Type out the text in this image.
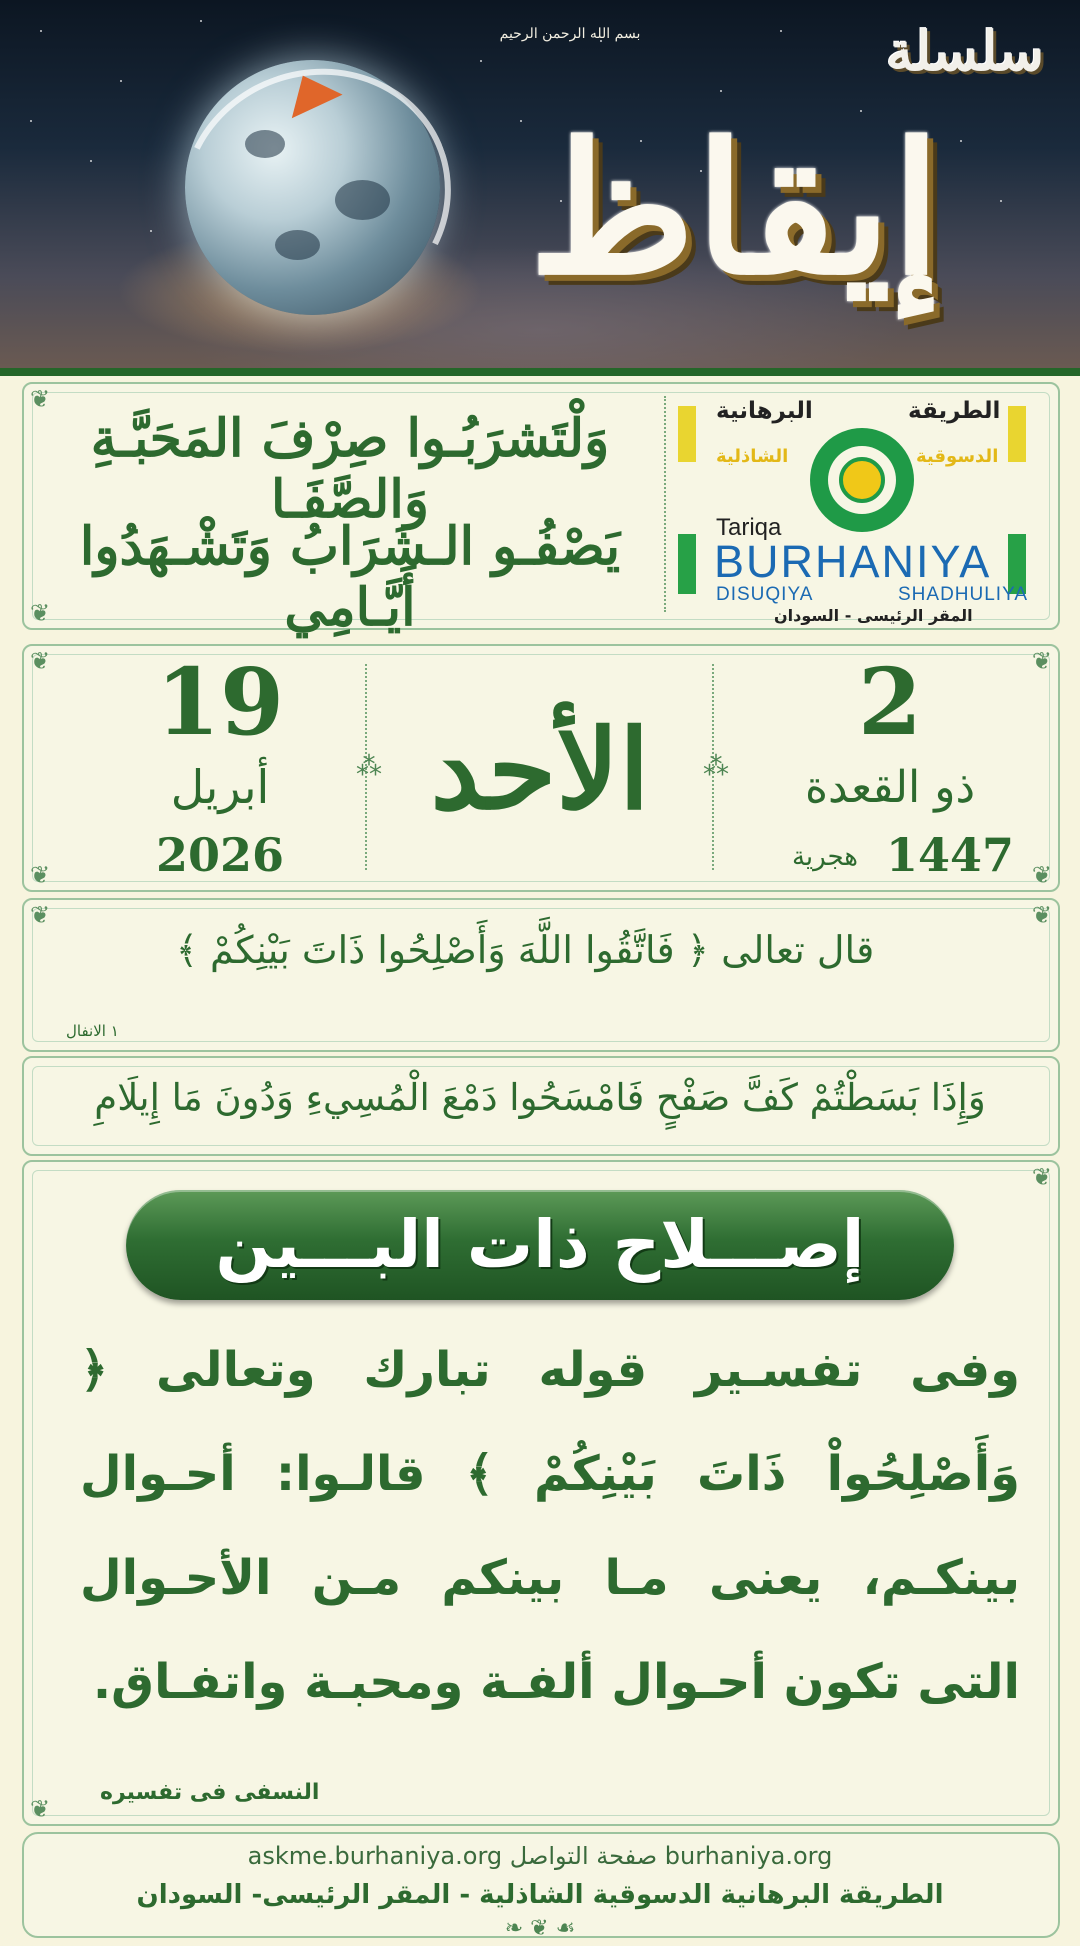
بسم الله الرحمن الرحيم	سلسلة
إيقاظ
❦
❦
وَلْتَشرَبُـوا صِرْفَ المَحَبَّـةِ وَالصَّفَـا
يَصْفُـو الـشَرَابُ وَتَشْـهَدُوا أَيَّـامِي
الطريقة
البرهانية
الدسوقية
الشاذلية
Tariqa
BURHANIYA
DISUQIYA	SHADHULIYA
المقر الرئيسى - السودان
❦	❦
❦	❦
19
أبريل
2026
⁂ الأحد	⁂
2
ذو القعدة
1447
هجرية
❦	❦
قال تعالى ﴿ فَاتَّقُوا اللَّهَ وَأَصْلِحُوا ذَاتَ بَيْنِكُمْ ﴾
١ الانفال
وَإِذَا بَسَطْتُمْ كَفَّ صَفْحٍ فَامْسَحُوا دَمْعَ الْمُسِيءِ وَدُونَ مَا إِيلَامِ
❦
❦
إصـــلاح ذات البـــين
وفى تفسـير قوله تبارك وتعالى ﴿ وَأَصْلِحُواْ ذَاتَ بَيْنِكُمْ ﴾ قالـوا: أحـوال بينكـم، يعنى مـا بينكم مـن الأحـوال التى تكون أحـوال ألفـة ومحبـة واتفـاق.
النسفى فى تفسيره
askme.burhaniya.org صفحة التواصل burhaniya.org
الطريقة البرهانية الدسوقية الشاذلية - المقر الرئيسى- السودان
❧ ❦ ☙
